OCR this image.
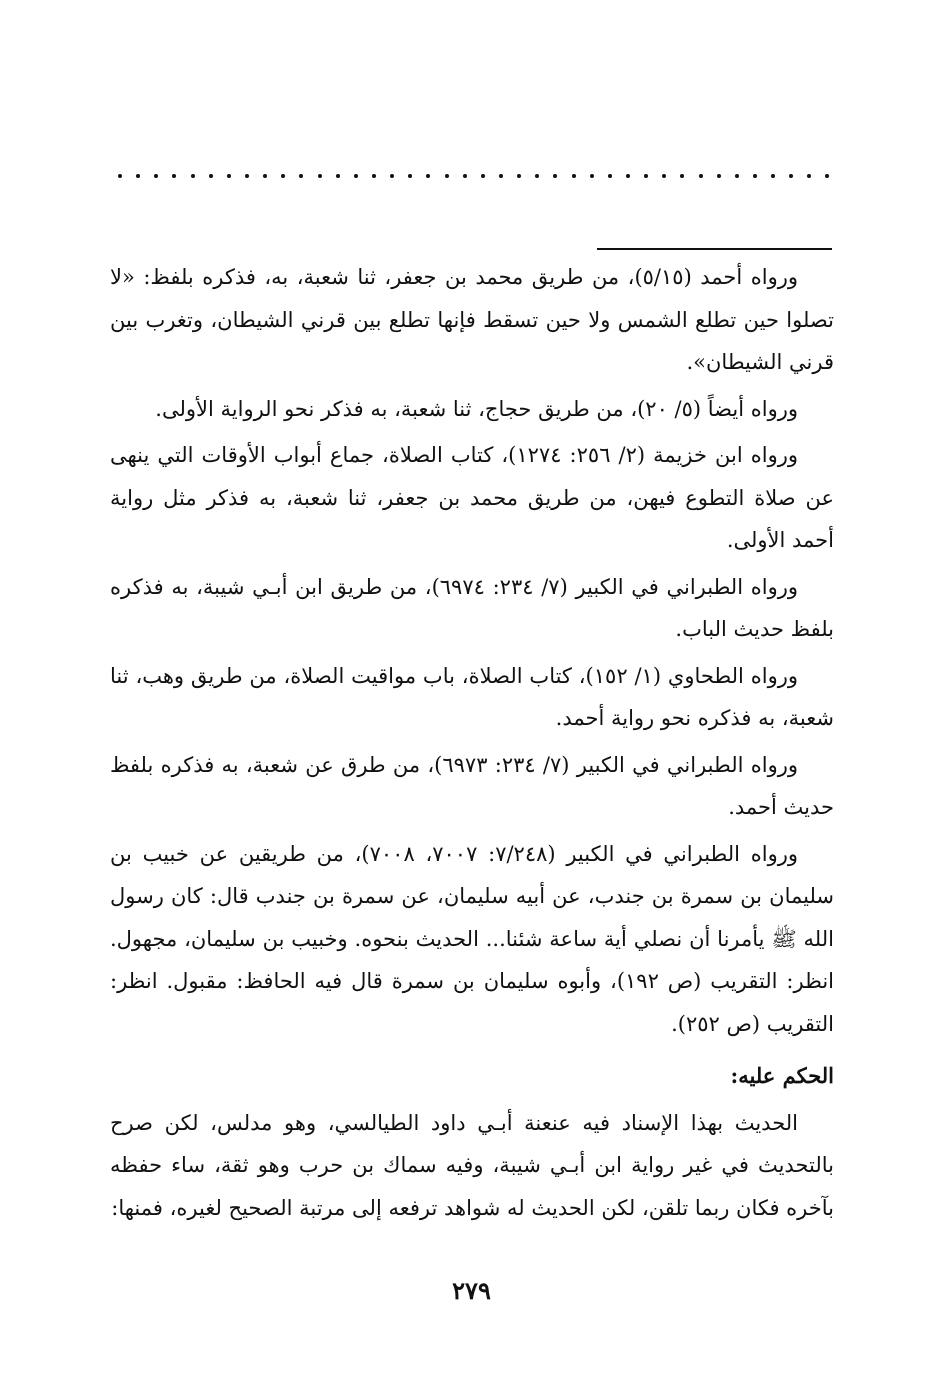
ورواه أحمد (٥/١٥)، من طريق محمد بن جعفر، ثنا شعبة، به، فذكره بلفظ: «لا تصلوا حين تطلع الشمس ولا حين تسقط فإنها تطلع بين قرني الشيطان، وتغرب بين قرني الشيطان».

ورواه أيضاً (٥/ ٢٠)، من طريق حجاج، ثنا شعبة، به فذكر نحو الرواية الأولى.

ورواه ابن خزيمة (٢/ ٢٥٦: ١٢٧٤)، كتاب الصلاة، جماع أبواب الأوقات التي ينهى عن صلاة التطوع فيهن، من طريق محمد بن جعفر، ثنا شعبة، به فذكر مثل رواية أحمد الأولى.

ورواه الطبراني في الكبير (٧/ ٢٣٤: ٦٩٧٤)، من طريق ابن أبـي شيبة، به فذكره بلفظ حديث الباب.

ورواه الطحاوي (١/ ١٥٢)، كتاب الصلاة، باب مواقيت الصلاة، من طريق وهب، ثنا شعبة، به فذكره نحو رواية أحمد.

ورواه الطبراني في الكبير (٧/ ٢٣٤: ٦٩٧٣)، من طرق عن شعبة، به فذكره بلفظ حديث أحمد.

ورواه الطبراني في الكبير (٧/٢٤٨: ٧٠٠٧، ٧٠٠٨)، من طريقين عن خبيب بن سليمان بن سمرة بن جندب، عن أبيه سليمان، عن سمرة بن جندب قال: كان رسول الله ﷺ يأمرنا أن نصلي أية ساعة شئنا... الحديث بنحوه. وخبيب بن سليمان، مجهول. انظر: التقريب (ص ١٩٢)، وأبوه سليمان بن سمرة قال فيه الحافظ: مقبول. انظر: التقريب (ص ٢٥٢).

الحكم عليه:

الحديث بهذا الإسناد فيه عنعنة أبـي داود الطيالسي، وهو مدلس، لكن صرح بالتحديث في غير رواية ابن أبـي شيبة، وفيه سماك بن حرب وهو ثقة، ساء حفظه بآخره فكان ربما تلقن، لكن الحديث له شواهد ترفعه إلى مرتبة الصحيح لغيره، فمنها:

٢٧٩
